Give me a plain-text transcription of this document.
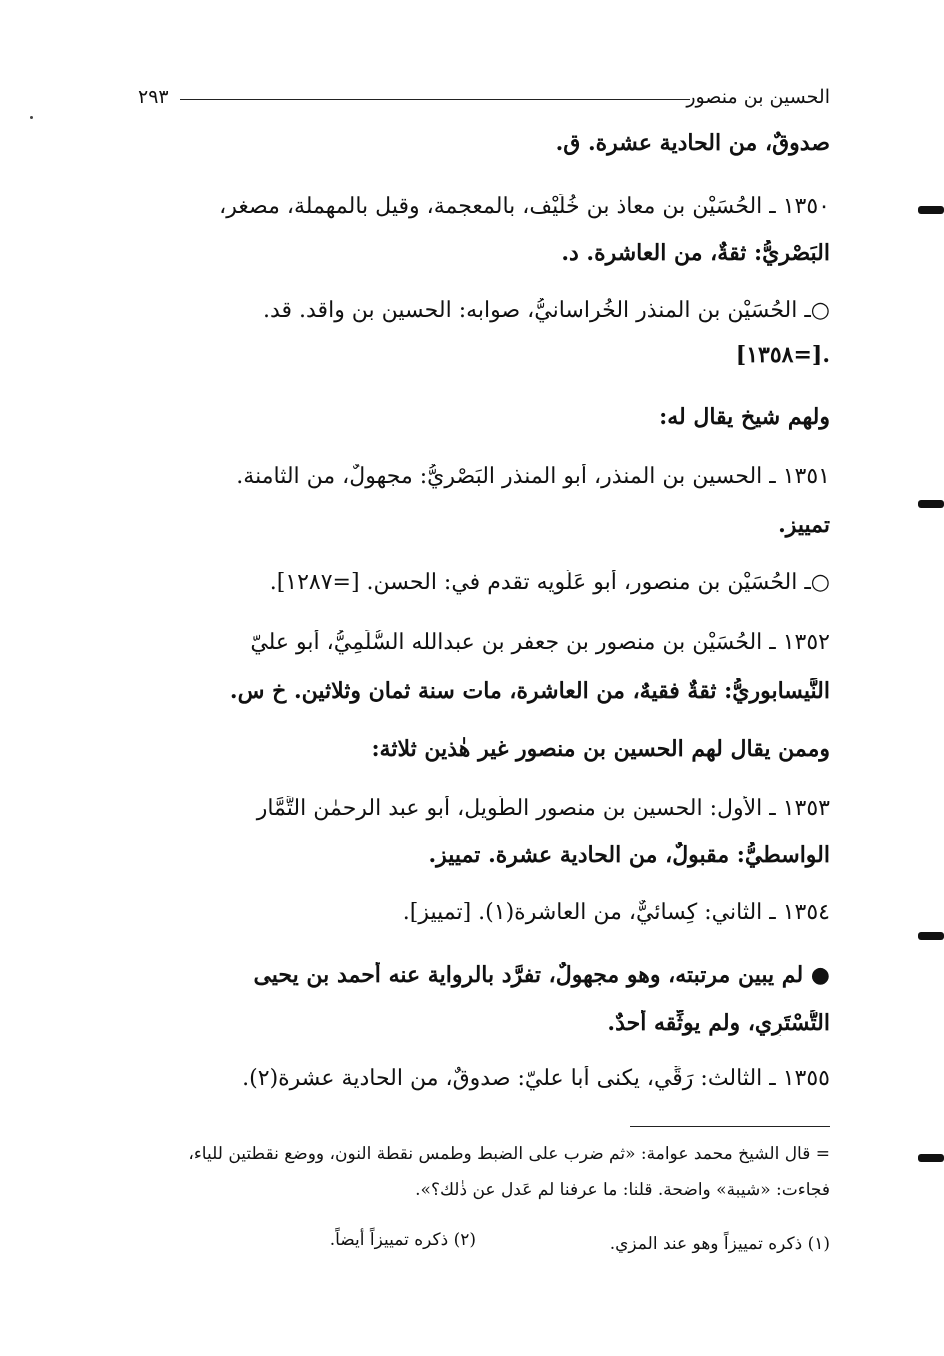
الحسين بن منصور
٢٩٣
صدوقٌ، من الحادية عشرة. ق.
١٣٥٠ ـ الحُسَيْن بن معاذ بن خُلَيْف، بالمعجمة، وقيل بالمهملة، مصغر،
البَصْريُّ: ثقةٌ، من العاشرة. د.
○ـ الحُسَيْن بن المنذر الخُراسانيُّ، صوابه: الحسين بن واقد. قد.
.[=١٣٥٨]
ولهم شيخ يقال له:
١٣٥١ ـ الحسين بن المنذر، أبو المنذر البَصْريُّ: مجهولٌ، من الثامنة.
تمييز.
○ـ الحُسَيْن بن منصور، أبو عَلُّويه تقدم في: الحسن. [=١٢٨٧].
١٣٥٢ ـ الحُسَيْن بن منصور بن جعفر بن عبدالله السُّلَمِيُّ، أبو عليّ
النَّيسابوريُّ: ثقةٌ فقيهٌ، من العاشرة، مات سنة ثمان وثلاثين. خ س.
وممن يقال لهم الحسين بن منصور غير هٰذين ثلاثة:
١٣٥٣ ـ الأول: الحسين بن منصور الطَّويل، أبو عبد الرحمٰن التَّمَّار
الواسطيُّ: مقبولٌ، من الحادية عشرة. تمييز.
١٣٥٤ ـ الثاني: كِسائيٌّ، من العاشرة(١). [تمييز].
● لم يبين مرتبته، وهو مجهولٌ، تفرَّد بالرواية عنه أحمد بن يحيى
التُّسْتَرِي، ولم يوثِّقه أحدٌ.
١٣٥٥ ـ الثالث: رَقِّي، يكنى أبا عليّ: صدوقٌ، من الحادية عشرة(٢).
= قال الشيخ محمد عوامة: «ثم ضرب على الضبط وطمس نقطة النون، ووضع نقطتين للياء،
فجاءت: «شيبة» واضحة. قلنا: ما عرفنا لم عَدل عن ذٰلك؟».
(١) ذكره تمييزاً وهو عند المزي.
(٢) ذكره تمييزاً أيضاً.
